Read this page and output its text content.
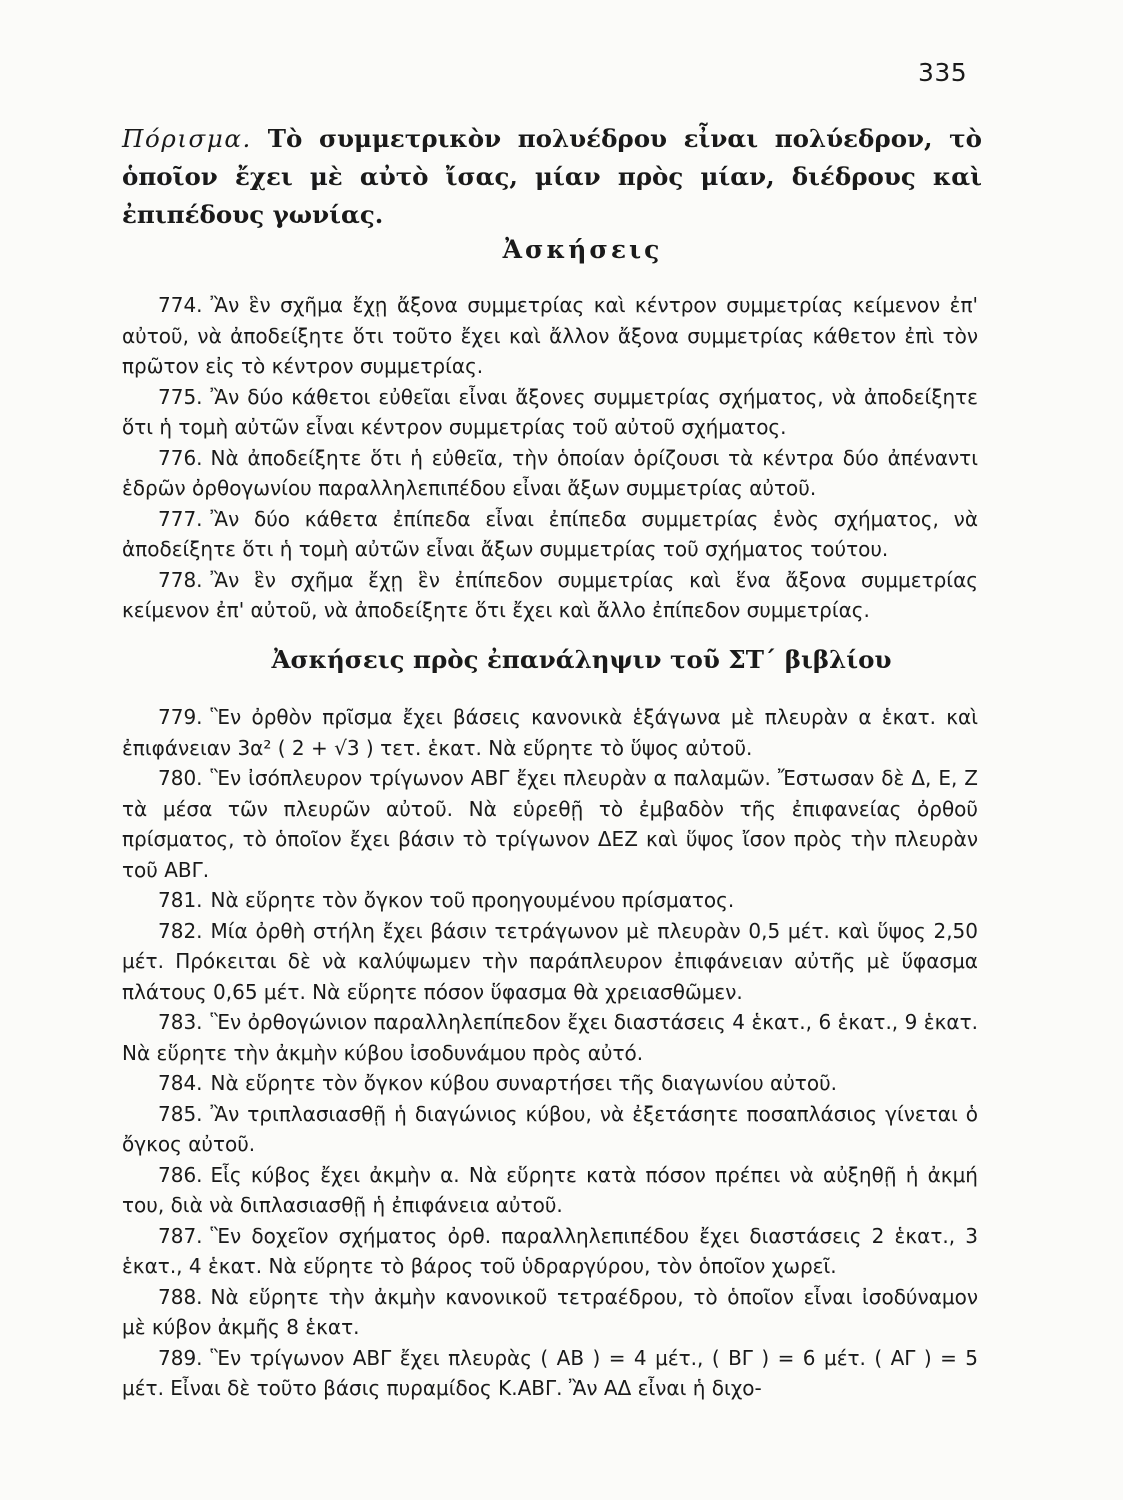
335
Πόρισμα. Τὸ συμμετρικὸν πολυέδρου εἶναι πολύεδρον, τὸ ὁποῖον ἔχει μὲ αὐτὸ ἴσας, μίαν πρὸς μίαν, διέδρους καὶ ἐπιπέδους γωνίας.
Ἀσκήσεις

774. Ἂν ἓν σχῆμα ἔχῃ ἄξονα συμμετρίας καὶ κέντρον συμμετρίας κείμενον ἐπ' αὐτοῦ, νὰ ἀποδείξητε ὅτι τοῦτο ἔχει καὶ ἄλλον ἄξονα συμμετρίας κάθετον ἐπὶ τὸν πρῶτον εἰς τὸ κέντρον συμμετρίας.

775. Ἂν δύο κάθετοι εὐθεῖαι εἶναι ἄξονες συμμετρίας σχήματος, νὰ ἀποδείξητε ὅτι ἡ τομὴ αὐτῶν εἶναι κέντρον συμμετρίας τοῦ αὐτοῦ σχήματος.

776. Νὰ ἀποδείξητε ὅτι ἡ εὐθεῖα, τὴν ὁποίαν ὁρίζουσι τὰ κέντρα δύο ἀπέναντι ἑδρῶν ὀρθογωνίου παραλληλεπιπέδου εἶναι ἄξων συμμετρίας αὐτοῦ.

777. Ἂν δύο κάθετα ἐπίπεδα εἶναι ἐπίπεδα συμμετρίας ἑνὸς σχήματος, νὰ ἀποδείξητε ὅτι ἡ τομὴ αὐτῶν εἶναι ἄξων συμμετρίας τοῦ σχήματος τούτου.

778. Ἂν ἓν σχῆμα ἔχῃ ἓν ἐπίπεδον συμμετρίας καὶ ἕνα ἄξονα συμμετρίας κείμενον ἐπ' αὐτοῦ, νὰ ἀποδείξητε ὅτι ἔχει καὶ ἄλλο ἐπίπεδον συμμετρίας.

Ἀσκήσεις πρὸς ἐπανάληψιν τοῦ ΣΤ΄ βιβλίου

779. Ἓν ὀρθὸν πρῖσμα ἔχει βάσεις κανονικὰ ἑξάγωνα μὲ πλευρὰν α ἑκατ. καὶ ἐπιφάνειαν 3α² ( 2 + √3 ) τετ. ἑκατ. Νὰ εὕρητε τὸ ὕψος αὐτοῦ.

780. Ἓν ἰσόπλευρον τρίγωνον ΑΒΓ ἔχει πλευρὰν α παλαμῶν. Ἔστωσαν δὲ Δ, Ε, Ζ τὰ μέσα τῶν πλευρῶν αὐτοῦ. Νὰ εὑρεθῇ τὸ ἐμβαδὸν τῆς ἐπιφανείας ὀρθοῦ πρίσματος, τὸ ὁποῖον ἔχει βάσιν τὸ τρίγωνον ΔΕΖ καὶ ὕψος ἴσον πρὸς τὴν πλευρὰν τοῦ ΑΒΓ.

781. Νὰ εὕρητε τὸν ὄγκον τοῦ προηγουμένου πρίσματος.

782. Μία ὀρθὴ στήλη ἔχει βάσιν τετράγωνον μὲ πλευρὰν 0,5 μέτ. καὶ ὕψος 2,50 μέτ. Πρόκειται δὲ νὰ καλύψωμεν τὴν παράπλευρον ἐπιφάνειαν αὐτῆς μὲ ὕφασμα πλάτους 0,65 μέτ. Νὰ εὕρητε πόσον ὕφασμα θὰ χρειασθῶμεν.

783. Ἓν ὀρθογώνιον παραλληλεπίπεδον ἔχει διαστάσεις 4 ἑκατ., 6 ἑκατ., 9 ἑκατ. Νὰ εὕρητε τὴν ἀκμὴν κύβου ἰσοδυνάμου πρὸς αὐτό.

784. Νὰ εὕρητε τὸν ὄγκον κύβου συναρτήσει τῆς διαγωνίου αὐτοῦ.

785. Ἂν τριπλασιασθῇ ἡ διαγώνιος κύβου, νὰ ἐξετάσητε ποσαπλάσιος γίνεται ὁ ὄγκος αὐτοῦ.

786. Εἷς κύβος ἔχει ἀκμὴν α. Νὰ εὕρητε κατὰ πόσον πρέπει νὰ αὐξηθῇ ἡ ἀκμή του, διὰ νὰ διπλασιασθῇ ἡ ἐπιφάνεια αὐτοῦ.

787. Ἓν δοχεῖον σχήματος ὀρθ. παραλληλεπιπέδου ἔχει διαστάσεις 2 ἑκατ., 3 ἑκατ., 4 ἑκατ. Νὰ εὕρητε τὸ βάρος τοῦ ὑδραργύρου, τὸν ὁποῖον χωρεῖ.

788. Νὰ εὕρητε τὴν ἀκμὴν κανονικοῦ τετραέδρου, τὸ ὁποῖον εἶναι ἰσοδύναμον μὲ κύβον ἀκμῆς 8 ἑκατ.

789. Ἓν τρίγωνον ΑΒΓ ἔχει πλευρὰς ( ΑΒ ) = 4 μέτ., ( ΒΓ ) = 6 μέτ. ( ΑΓ ) = 5 μέτ. Εἶναι δὲ τοῦτο βάσις πυραμίδος Κ.ΑΒΓ. Ἂν ΑΔ εἶναι ἡ διχο-
